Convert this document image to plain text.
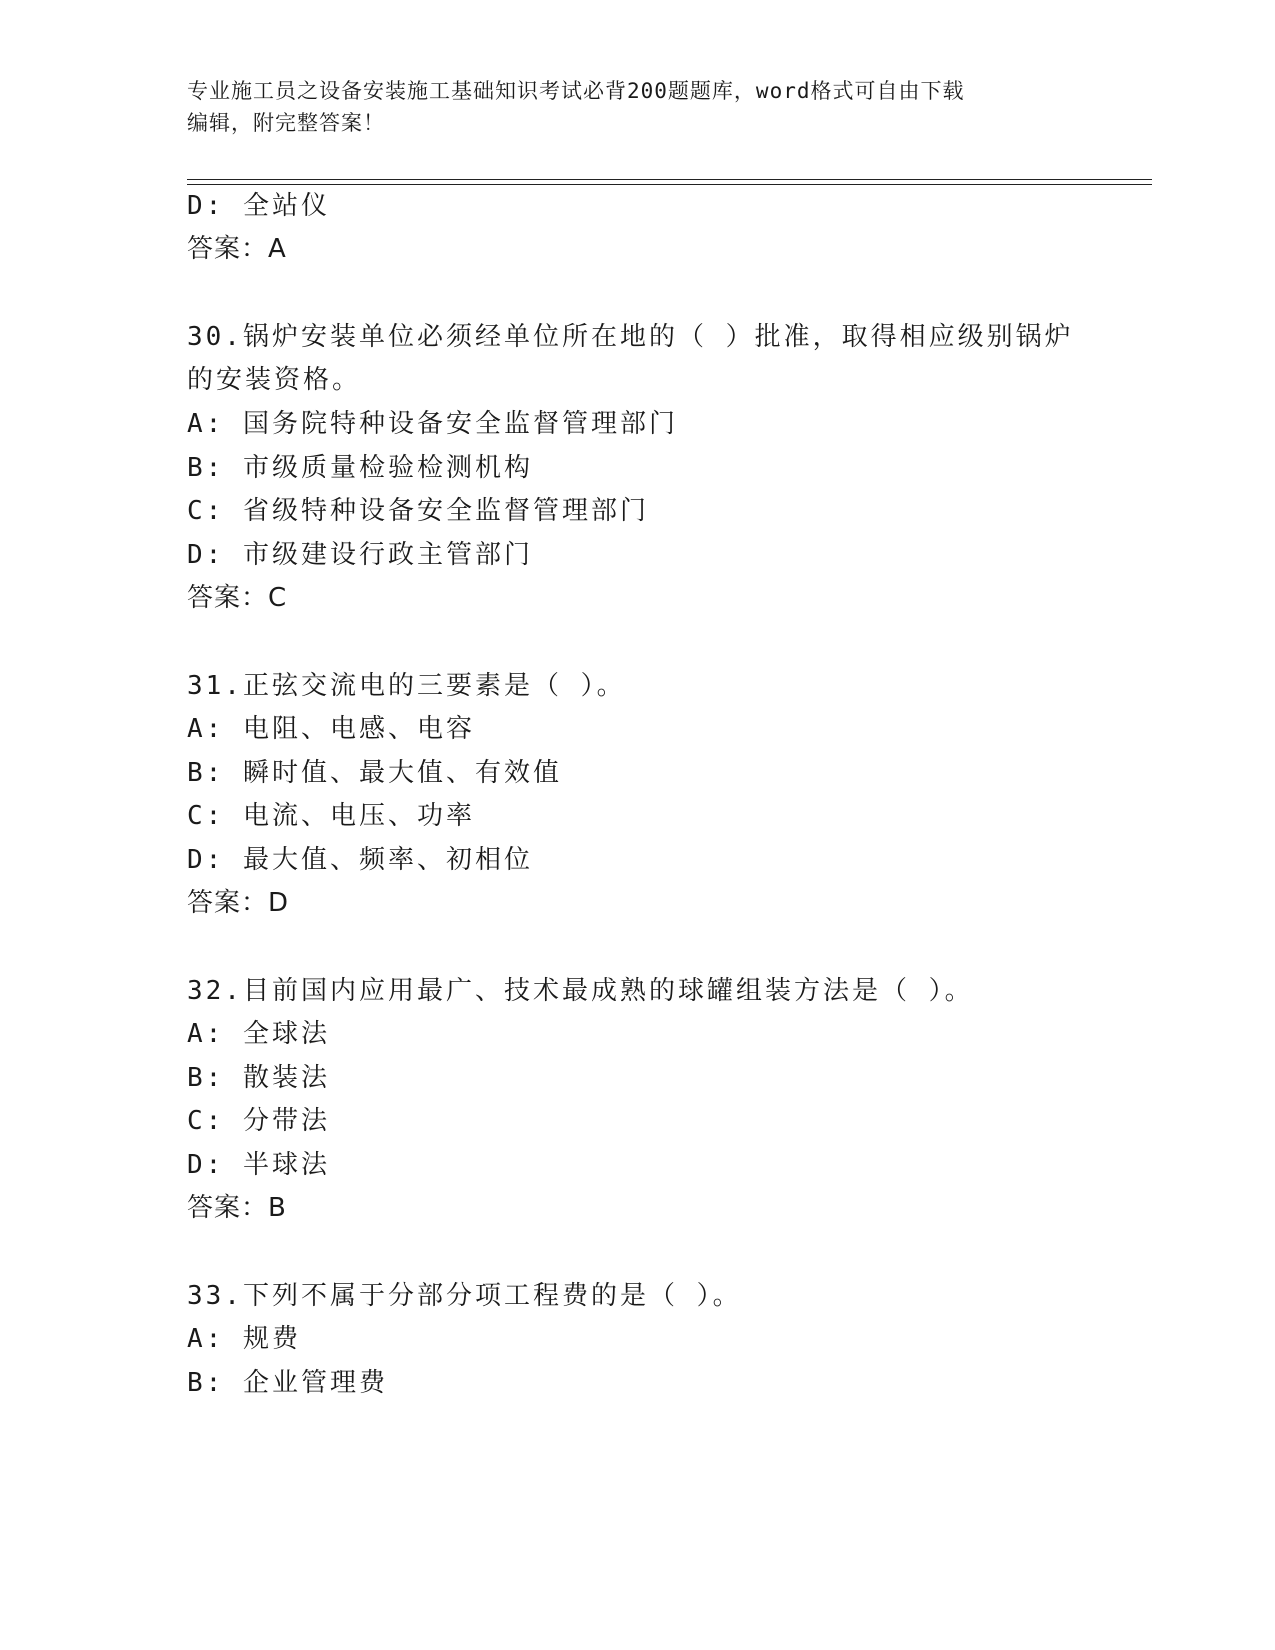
专业施工员之设备安装施工基础知识考试必背200题题库，word格式可自由下载
编辑，附完整答案！
D: 全站仪
答案：A
30.锅炉安装单位必须经单位所在地的（ ）批准，取得相应级别锅炉
的安装资格。
A: 国务院特种设备安全监督管理部门
B: 市级质量检验检测机构
C: 省级特种设备安全监督管理部门
D: 市级建设行政主管部门
答案：C
31.正弦交流电的三要素是（ ）。
A: 电阻、电感、电容
B: 瞬时值、最大值、有效值
C: 电流、电压、功率
D: 最大值、频率、初相位
答案：D
32.目前国内应用最广、技术最成熟的球罐组装方法是（ ）。
A: 全球法
B: 散装法
C: 分带法
D: 半球法
答案：B
33.下列不属于分部分项工程费的是（ ）。
A: 规费
B: 企业管理费
